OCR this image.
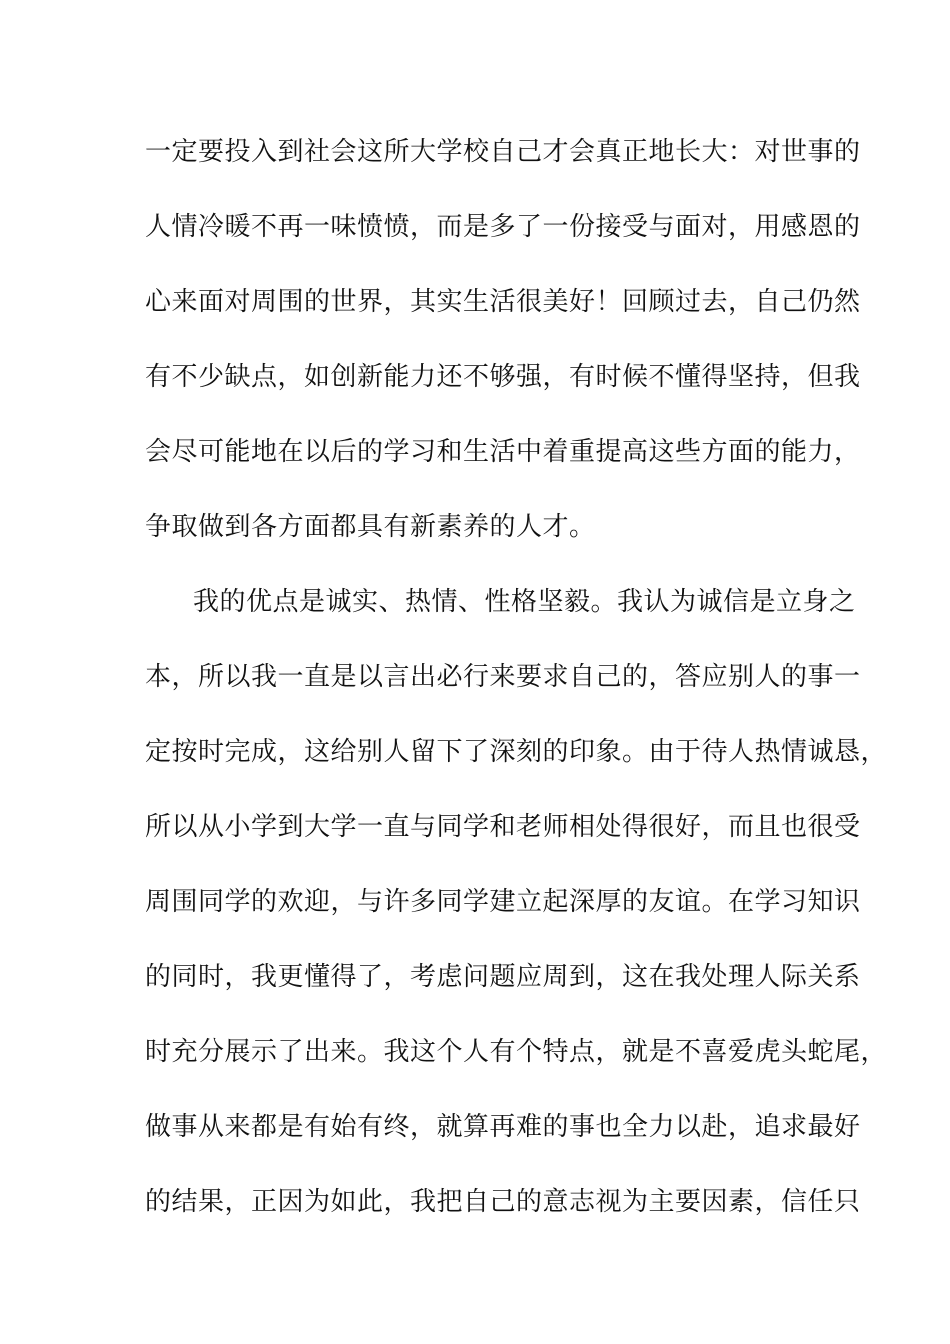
一定要投入到社会这所大学校自己才会真正地长大：对世事的
人情冷暖不再一味愤愤，而是多了一份接受与面对，用感恩的
心来面对周围的世界，其实生活很美好！回顾过去，自己仍然
有不少缺点，如创新能力还不够强，有时候不懂得坚持，但我
会尽可能地在以后的学习和生活中着重提高这些方面的能力，
争取做到各方面都具有新素养的人才。
我的优点是诚实、热情、性格坚毅。我认为诚信是立身之
本，所以我一直是以言出必行来要求自己的，答应别人的事一
定按时完成，这给别人留下了深刻的印象。由于待人热情诚恳，
所以从小学到大学一直与同学和老师相处得很好，而且也很受
周围同学的欢迎，与许多同学建立起深厚的友谊。在学习知识
的同时，我更懂得了，考虑问题应周到，这在我处理人际关系
时充分展示了出来。我这个人有个特点，就是不喜爱虎头蛇尾，
做事从来都是有始有终，就算再难的事也全力以赴，追求最好
的结果，正因为如此，我把自己的意志视为主要因素，信任只
